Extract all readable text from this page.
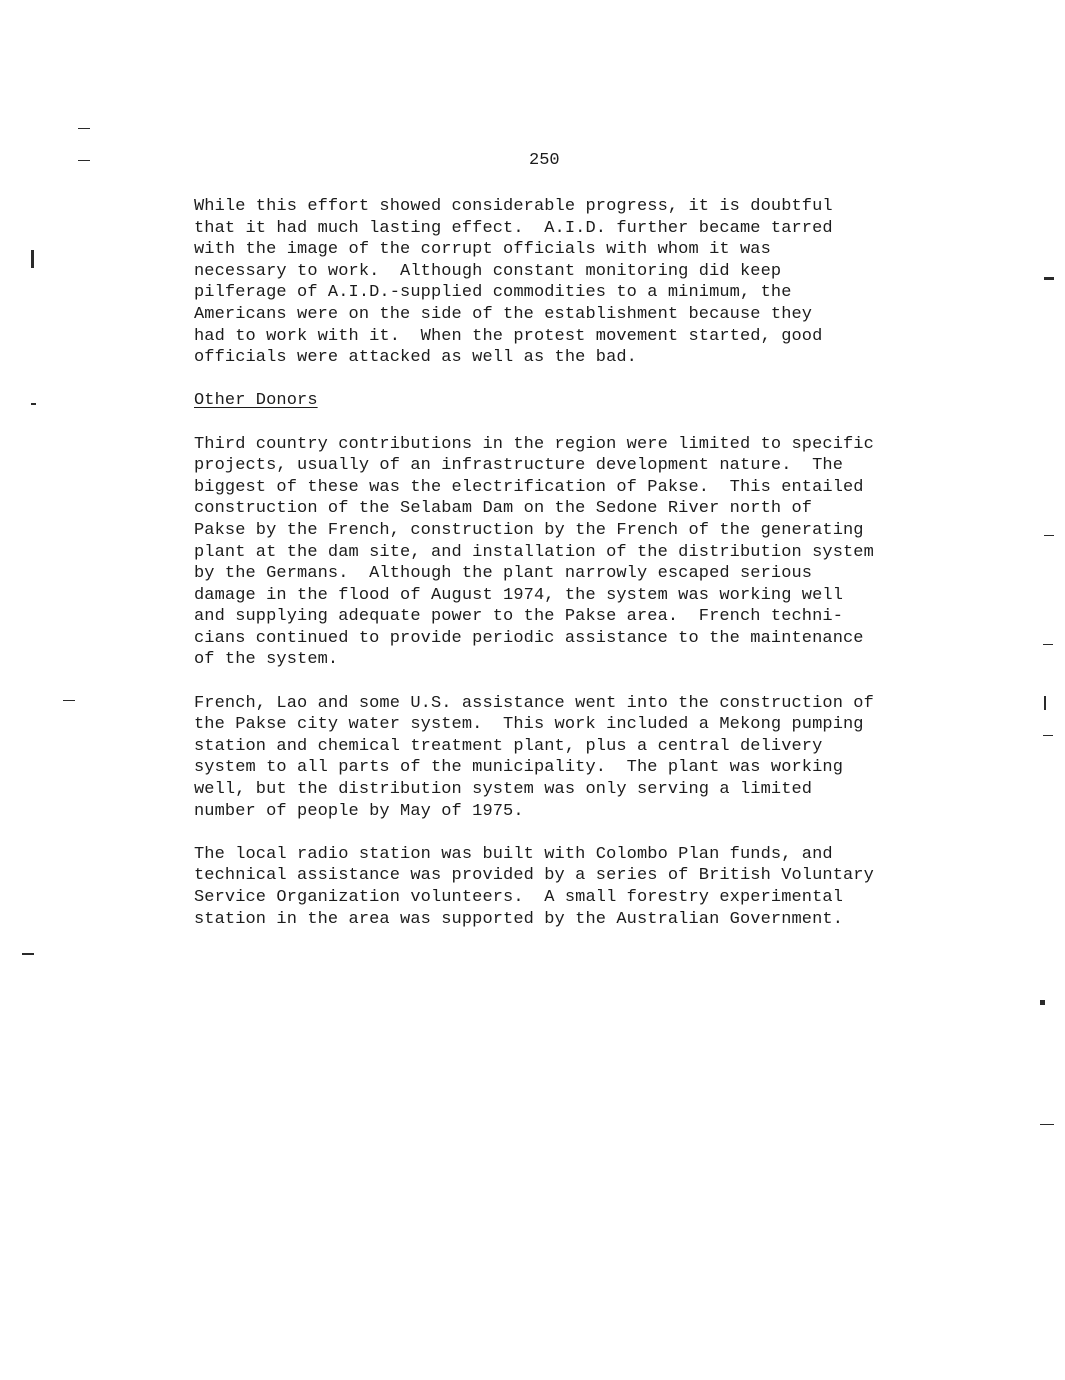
250

While this effort showed considerable progress, it is doubtful
that it had much lasting effect.  A.I.D. further became tarred
with the image of the corrupt officials with whom it was
necessary to work.  Although constant monitoring did keep
pilferage of A.I.D.-supplied commodities to a minimum, the
Americans were on the side of the establishment because they
had to work with it.  When the protest movement started, good
officials were attacked as well as the bad.

Other Donors

Third country contributions in the region were limited to specific
projects, usually of an infrastructure development nature.  The
biggest of these was the electrification of Pakse.  This entailed
construction of the Selabam Dam on the Sedone River north of
Pakse by the French, construction by the French of the generating
plant at the dam site, and installation of the distribution system
by the Germans.  Although the plant narrowly escaped serious
damage in the flood of August 1974, the system was working well
and supplying adequate power to the Pakse area.  French techni-
cians continued to provide periodic assistance to the maintenance
of the system.

French, Lao and some U.S. assistance went into the construction of
the Pakse city water system.  This work included a Mekong pumping
station and chemical treatment plant, plus a central delivery
system to all parts of the municipality.  The plant was working
well, but the distribution system was only serving a limited
number of people by May of 1975.

The local radio station was built with Colombo Plan funds, and
technical assistance was provided by a series of British Voluntary
Service Organization volunteers.  A small forestry experimental
station in the area was supported by the Australian Government.
